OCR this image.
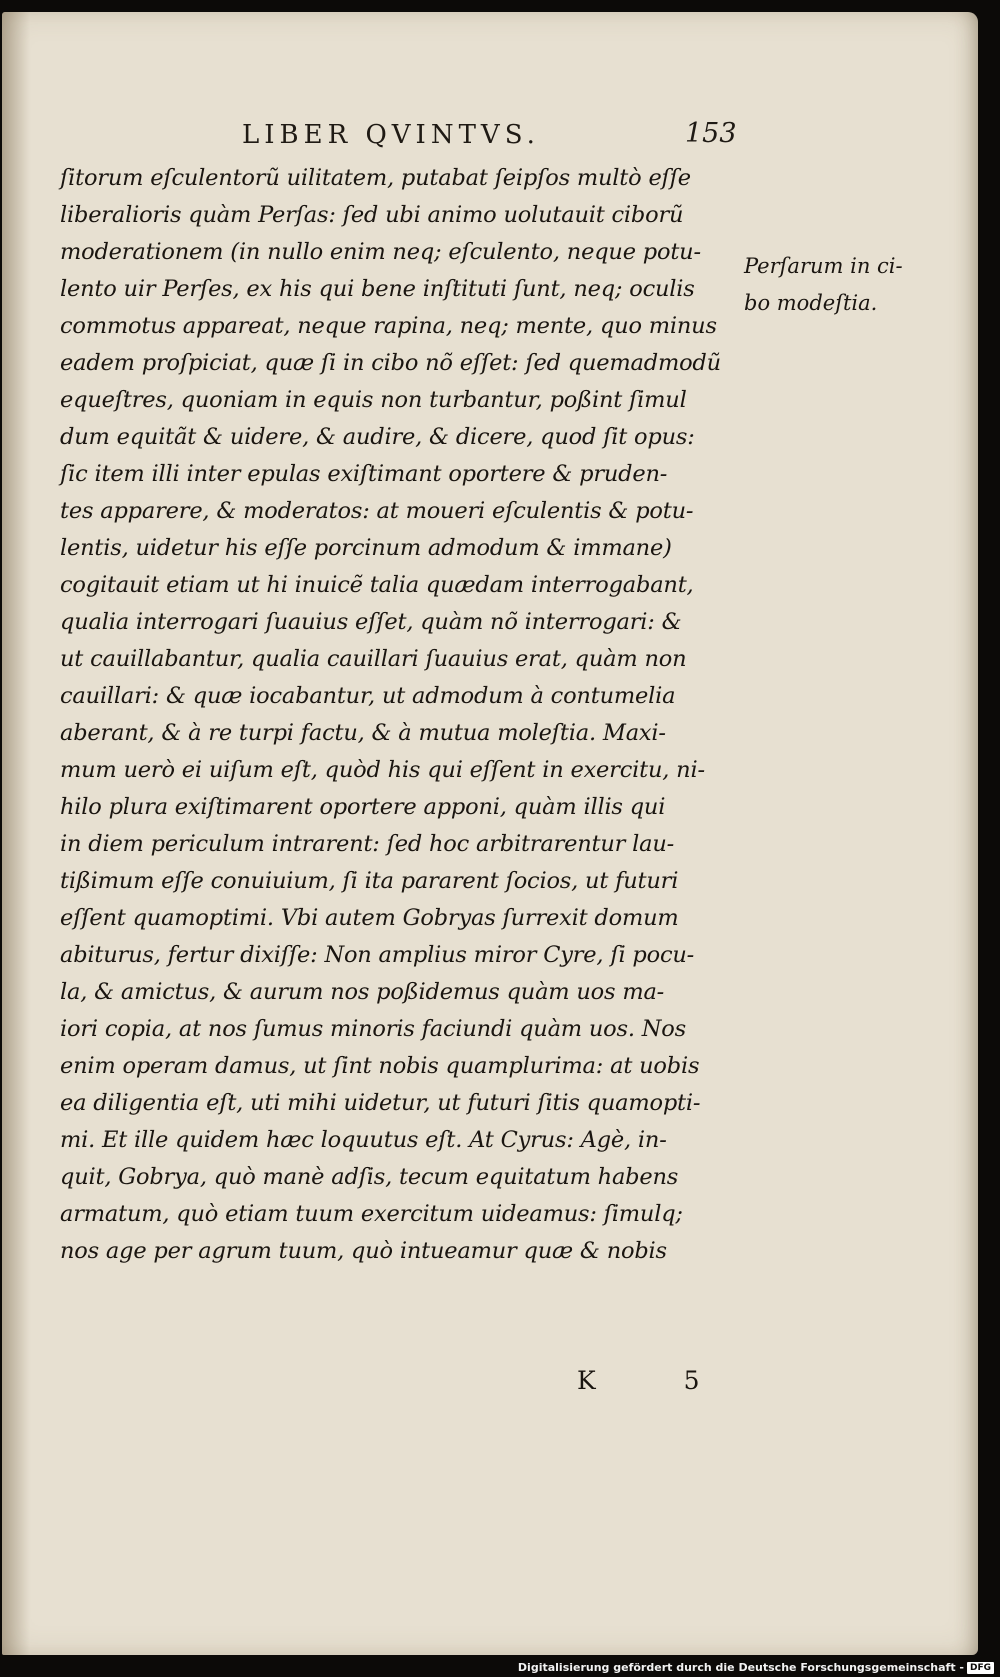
LIBER QVINTVS.	153
ſitorum eſculentorũ uilitatem, putabat ſeipſos multò eſſe
liberalioris quàm Perſas: ſed ubi animo uolutauit ciborũ
moderationem (in nullo enim neq; eſculento, neque potu-
lento uir Perſes, ex his qui bene inſtituti ſunt, neq; oculis
commotus appareat, neque rapina, neq; mente, quo minus
eadem proſpiciat, quæ ſi in cibo nõ eſſet: ſed quemadmodũ
equeſtres, quoniam in equis non turbantur, poßint ſimul
dum equitãt & uidere, & audire, & dicere, quod ſit opus:
ſic item illi inter epulas exiſtimant oportere & pruden-
tes apparere, & moderatos: at moueri eſculentis & potu-
lentis, uidetur his eſſe porcinum admodum & immane)
cogitauit etiam ut hi inuicẽ talia quædam interrogabant,
qualia interrogari ſuauius eſſet, quàm nõ interrogari: &
ut cauillabantur, qualia cauillari ſuauius erat, quàm non
cauillari: & quæ iocabantur, ut admodum à contumelia
aberant, & à re turpi factu, & à mutua moleſtia. Maxi-
mum uerò ei uiſum eſt, quòd his qui eſſent in exercitu, ni-
hilo plura exiſtimarent oportere apponi, quàm illis qui
in diem periculum intrarent: ſed hoc arbitrarentur lau-
tißimum eſſe conuiuium, ſi ita pararent ſocios, ut futuri
eſſent quamoptimi. Vbi autem Gobryas ſurrexit domum
abiturus, fertur dixiſſe: Non amplius miror Cyre, ſi pocu-
la, & amictus, & aurum nos poßidemus quàm uos ma-
iori copia, at nos ſumus minoris faciundi quàm uos. Nos
enim operam damus, ut ſint nobis quamplurima: at uobis
ea diligentia eſt, uti mihi uidetur, ut futuri ſitis quamopti-
mi. Et ille quidem hæc loquutus eſt. At Cyrus: Agè, in-
quit, Gobrya, quò manè adſis, tecum equitatum habens
armatum, quò etiam tuum exercitum uideamus: ſimulq;
nos age per agrum tuum, quò intueamur quæ & nobis
Perſarum in ci-
bo modeſtia.
K 5
Digitalisierung gefördert durch die Deutsche Forschungsgemeinschaft - DFG
